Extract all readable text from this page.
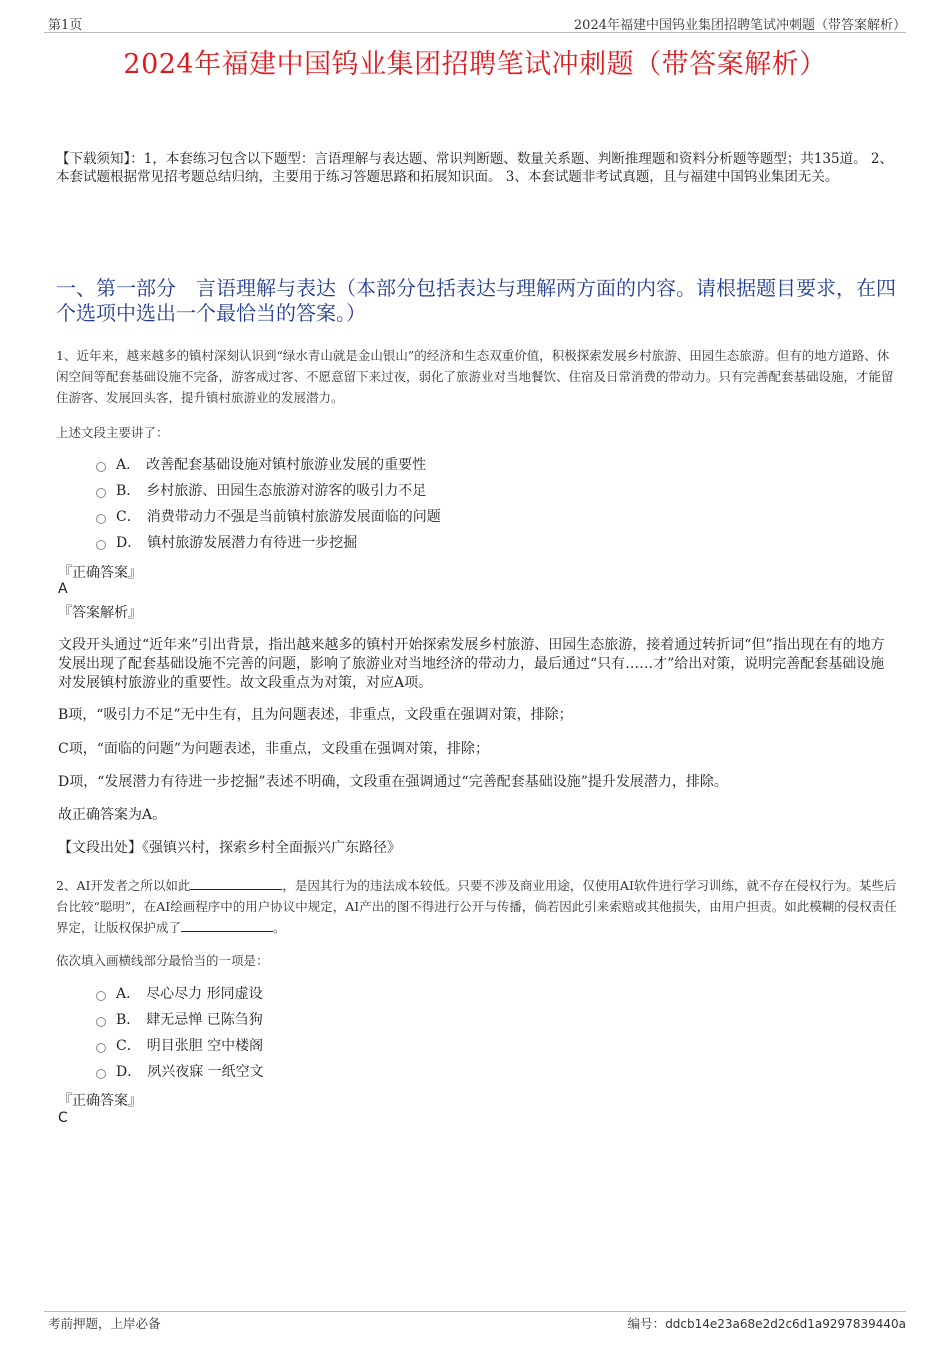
第1页	2024年福建中国钨业集团招聘笔试冲刺题（带答案解析）
2024年福建中国钨业集团招聘笔试冲刺题（带答案解析）
【下载须知】：1，本套练习包含以下题型：言语理解与表达题、常识判断题、数量关系题、判断推理题和资料分析题等题型；共135道。 2、本套试题根据常见招考题总结归纳，主要用于练习答题思路和拓展知识面。 3、本套试题非考试真题，且与福建中国钨业集团无关。
一、第一部分　言语理解与表达（本部分包括表达与理解两方面的内容。请根据题目要求，在四个选项中选出一个最恰当的答案。）
1、近年来，越来越多的镇村深刻认识到“绿水青山就是金山银山”的经济和生态双重价值，积极探索发展乡村旅游、田园生态旅游。但有的地方道路、休闲空间等配套基础设施不完备，游客成过客、不愿意留下来过夜，弱化了旅游业对当地餐饮、住宿及日常消费的带动力。只有完善配套基础设施，才能留住游客、发展回头客，提升镇村旅游业的发展潜力。
上述文段主要讲了：
A． 改善配套基础设施对镇村旅游业发展的重要性
B． 乡村旅游、田园生态旅游对游客的吸引力不足
C． 消费带动力不强是当前镇村旅游发展面临的问题
D． 镇村旅游发展潜力有待进一步挖掘
『正确答案』
A
『答案解析』
文段开头通过“近年来”引出背景，指出越来越多的镇村开始探索发展乡村旅游、田园生态旅游，接着通过转折词“但”指出现在有的地方发展出现了配套基础设施不完善的问题，影响了旅游业对当地经济的带动力，最后通过“只有……才”给出对策，说明完善配套基础设施对发展镇村旅游业的重要性。故文段重点为对策，对应A项。
B项，“吸引力不足”无中生有，且为问题表述，非重点，文段重在强调对策，排除；
C项，“面临的问题”为问题表述，非重点，文段重在强调对策，排除；
D项，“发展潜力有待进一步挖掘”表述不明确，文段重在强调通过“完善配套基础设施”提升发展潜力，排除。
故正确答案为A。
【文段出处】《强镇兴村，探索乡村全面振兴广东路径》
2、AI开发者之所以如此	，是因其行为的违法成本较低。只要不涉及商业用途，仅使用AI软件进行学习训练，就不存在侵权行为。某些后台比较“聪明”，在AI绘画程序中的用户协议中规定，AI产出的图不得进行公开与传播，倘若因此引来索赔或其他损失，由用户担责。如此模糊的侵权责任界定，让版权保护成了	。
依次填入画横线部分最恰当的一项是：
A． 尽心尽力 形同虚设
B． 肆无忌惮 已陈刍狗
C． 明目张胆 空中楼阁
D． 夙兴夜寐 一纸空文
『正确答案』
C
考前押题，上岸必备	编号：ddcb14e23a68e2d2c6d1a9297839440a
